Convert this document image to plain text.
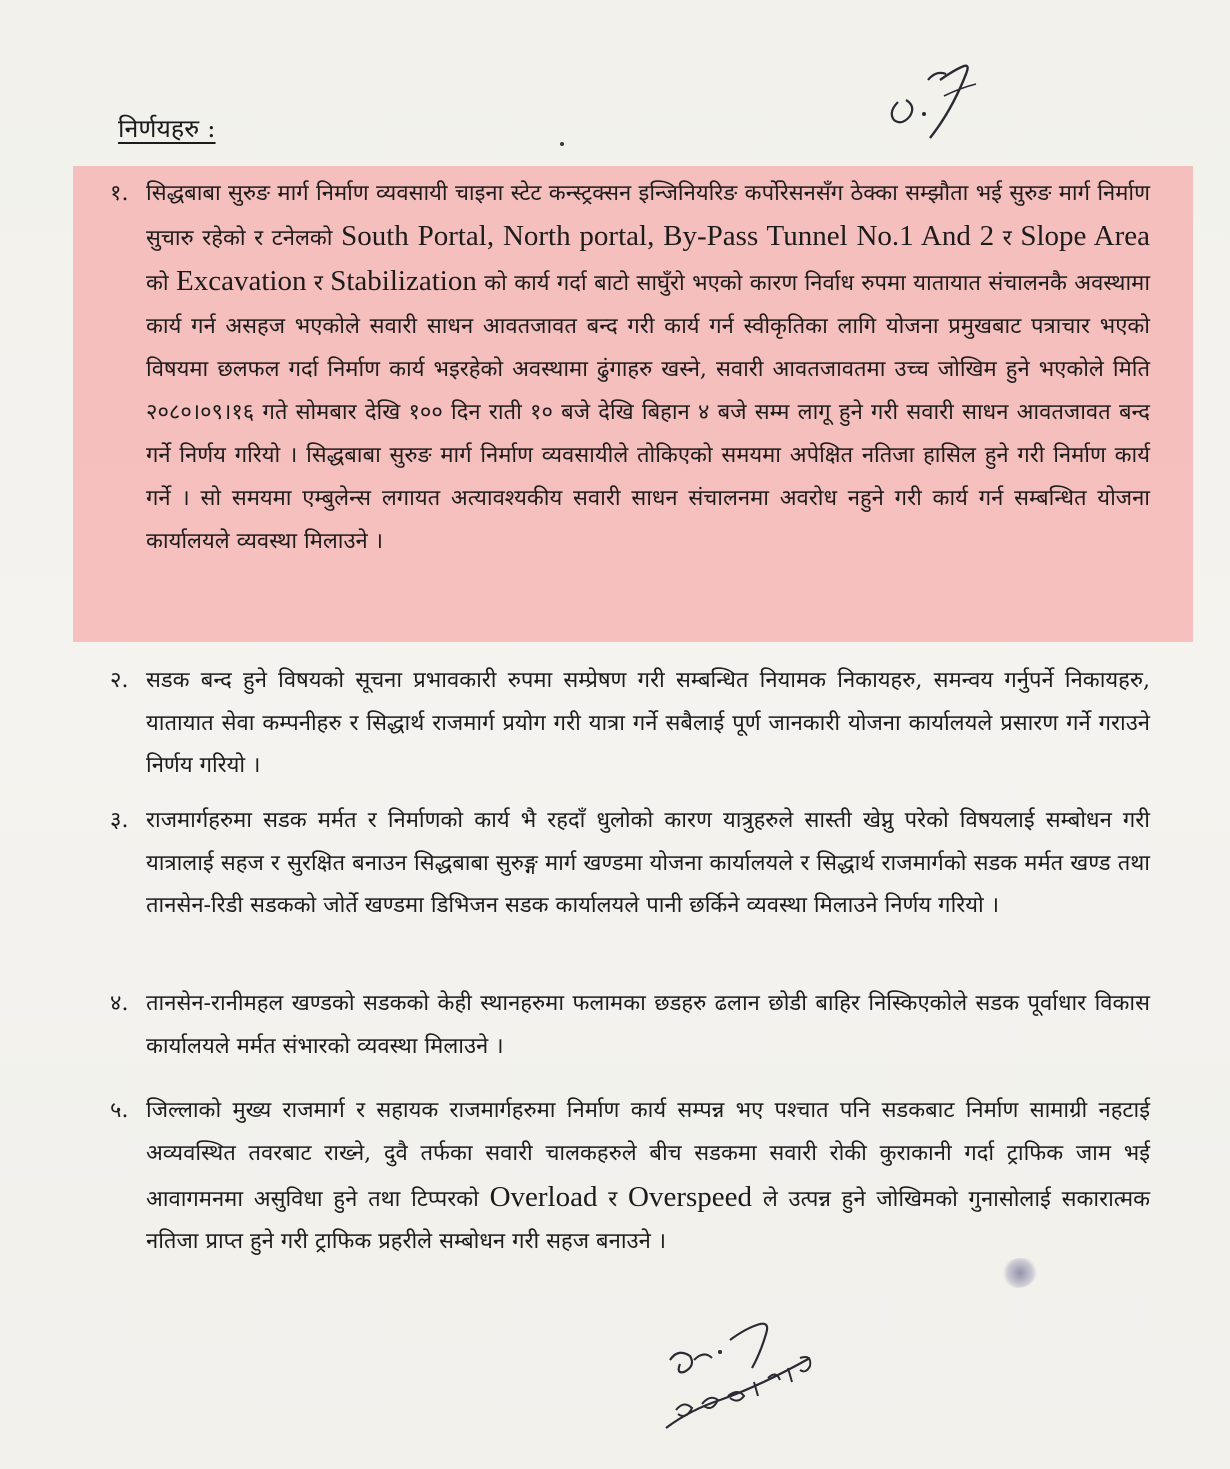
निर्णयहरु :
१. सिद्धबाबा सुरुङ मार्ग निर्माण व्यवसायी चाइना स्टेट कन्स्ट्रक्सन इन्जिनियरिङ कर्पोरेसनसँग ठेक्का सम्झौता भई सुरुङ मार्ग निर्माण सुचारु रहेको र टनेलको South Portal, North portal, By-Pass Tunnel No.1 And 2 र Slope Area को Excavation र Stabilization को कार्य गर्दा बाटो साघुँरो भएको कारण निर्वाध रुपमा यातायात संचालनकै अवस्थामा कार्य गर्न असहज भएकोले सवारी साधन आवतजावत बन्द गरी कार्य गर्न स्वीकृतिका लागि योजना प्रमुखबाट पत्राचार भएको विषयमा छलफल गर्दा निर्माण कार्य भइरहेको अवस्थामा ढुंगाहरु खस्ने, सवारी आवतजावतमा उच्च जोखिम हुने भएकोले मिति २०८०।०९।१६ गते सोमबार देखि १०० दिन राती १० बजे देखि बिहान ४ बजे सम्म लागू हुने गरी सवारी साधन आवतजावत बन्द गर्ने निर्णय गरियो । सिद्धबाबा सुरुङ मार्ग निर्माण व्यवसायीले तोकिएको समयमा अपेक्षित नतिजा हासिल हुने गरी निर्माण कार्य गर्ने । सो समयमा एम्बुलेन्स लगायत अत्यावश्यकीय सवारी साधन संचालनमा अवरोध नहुने गरी कार्य गर्न सम्बन्धित योजना कार्यालयले व्यवस्था मिलाउने ।
२. सडक बन्द हुने विषयको सूचना प्रभावकारी रुपमा सम्प्रेषण गरी सम्बन्धित नियामक निकायहरु, समन्वय गर्नुपर्ने निकायहरु, यातायात सेवा कम्पनीहरु र सिद्धार्थ राजमार्ग प्रयोग गरी यात्रा गर्ने सबैलाई पूर्ण जानकारी योजना कार्यालयले प्रसारण गर्ने गराउने निर्णय गरियो ।
३. राजमार्गहरुमा सडक मर्मत र निर्माणको कार्य भै रहदाँ धुलोको कारण यात्रुहरुले सास्ती खेप्नु परेको विषयलाई सम्बोधन गरी यात्रालाई सहज र सुरक्षित बनाउन सिद्धबाबा सुरुङ्ग मार्ग खण्डमा योजना कार्यालयले र सिद्धार्थ राजमार्गको सडक मर्मत खण्ड तथा तानसेन-रिडी सडकको जोर्ते खण्डमा डिभिजन सडक कार्यालयले पानी छर्किने व्यवस्था मिलाउने निर्णय गरियो ।
४. तानसेन-रानीमहल खण्डको सडकको केही स्थानहरुमा फलामका छडहरु ढलान छोडी बाहिर निस्किएकोले सडक पूर्वाधार विकास कार्यालयले मर्मत संभारको व्यवस्था मिलाउने ।
५. जिल्लाको मुख्य राजमार्ग र सहायक राजमार्गहरुमा निर्माण कार्य सम्पन्न भए पश्चात पनि सडकबाट निर्माण सामाग्री नहटाई अव्यवस्थित तवरबाट राख्ने, दुवै तर्फका सवारी चालकहरुले बीच सडकमा सवारी रोकी कुराकानी गर्दा ट्राफिक जाम भई आवागमनमा असुविधा हुने तथा टिप्परको Overload र Overspeed ले उत्पन्न हुने जोखिमको गुनासोलाई सकारात्मक नतिजा प्राप्त हुने गरी ट्राफिक प्रहरीले सम्बोधन गरी सहज बनाउने ।
